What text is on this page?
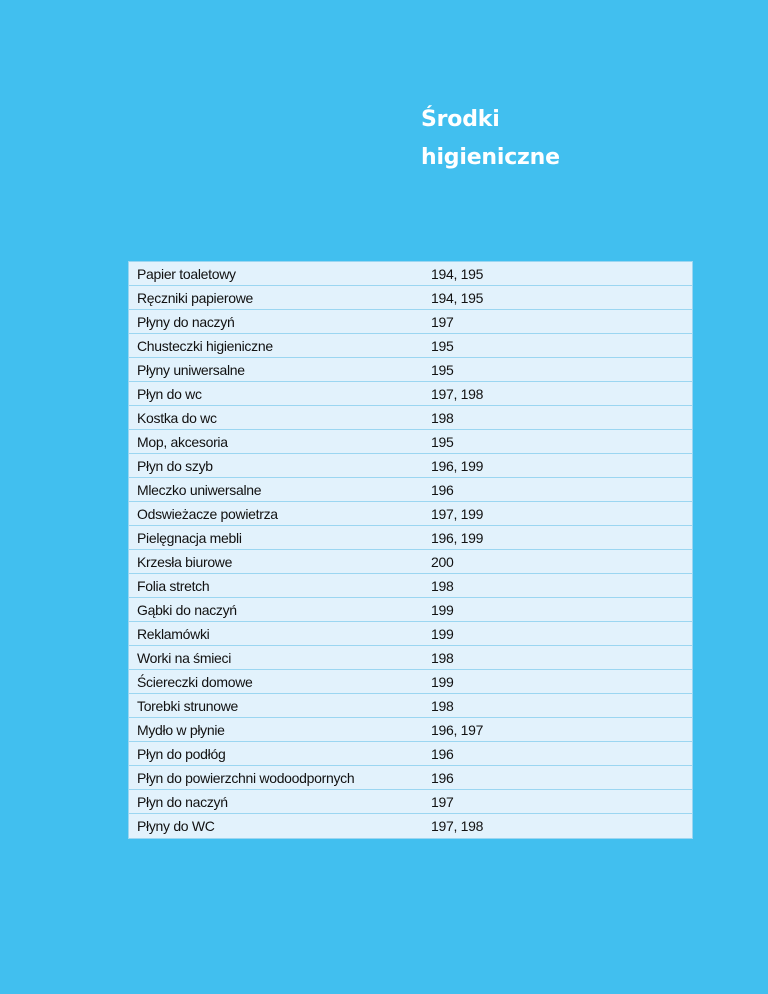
Środki
higieniczne
Papier toaletowy	194, 195
Ręczniki papierowe	194, 195
Płyny do naczyń	197
Chusteczki higieniczne	195
Płyny uniwersalne	195
Płyn do wc	197, 198
Kostka do wc	198
Mop, akcesoria	195
Płyn do szyb	196, 199
Mleczko uniwersalne	196
Odswieżacze powietrza	197, 199
Pielęgnacja mebli	196, 199
Krzesła biurowe	200
Folia stretch	198
Gąbki do naczyń	199
Reklamówki	199
Worki na śmieci	198
Ściereczki domowe	199
Torebki strunowe	198
Mydło w płynie	196, 197
Płyn do podłóg	196
Płyn do powierzchni wodoodpornych	196
Płyn do naczyń	197
Płyny do WC	197, 198
